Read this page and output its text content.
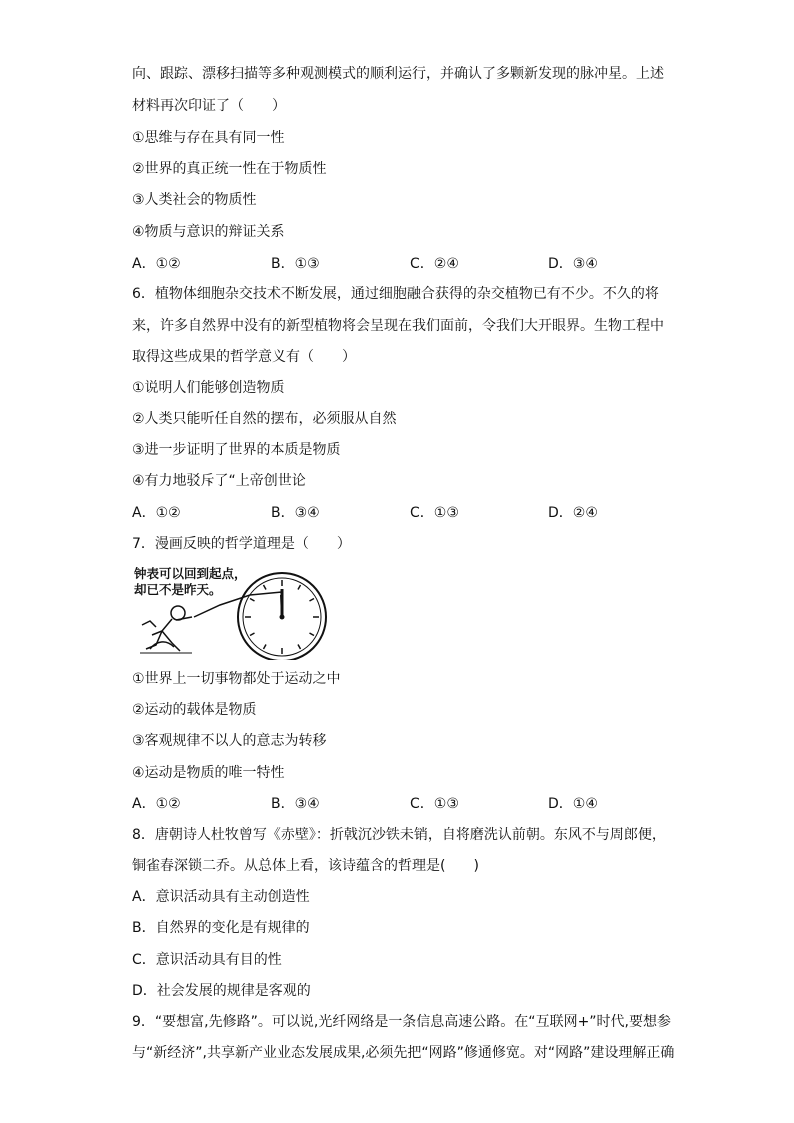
向、跟踪、漂移扫描等多种观测模式的顺利运行，并确认了多颗新发现的脉冲星。上述
材料再次印证了（　　）
①思维与存在具有同一性
②世界的真正统一性在于物质性
③人类社会的物质性
④物质与意识的辩证关系
A．①②	B．①③	C．②④	D．③④
6．植物体细胞杂交技术不断发展，通过细胞融合获得的杂交植物已有不少。不久的将
来，许多自然界中没有的新型植物将会呈现在我们面前，令我们大开眼界。生物工程中
取得这些成果的哲学意义有（　　）
①说明人们能够创造物质
②人类只能听任自然的摆布，必须服从自然
③进一步证明了世界的本质是物质
④有力地驳斥了“上帝创世论
A．①②	B．③④	C．①③	D．②④
7．漫画反映的哲学道理是（　　）
钟表可以回到起点，
却已不是昨天。
①世界上一切事物都处于运动之中
②运动的载体是物质
③客观规律不以人的意志为转移
④运动是物质的唯一特性
A．①②	B．③④	C．①③	D．①④
8．唐朝诗人杜牧曾写《赤壁》：折戟沉沙铁未销，自将磨洗认前朝。东风不与周郎便，
铜雀春深锁二乔。从总体上看，该诗蕴含的哲理是(　　)
A．意识活动具有主动创造性
B．自然界的变化是有规律的
C．意识活动具有目的性
D．社会发展的规律是客观的
9．“要想富,先修路”。可以说,光纤网络是一条信息高速公路。在“互联网+”时代,要想参
与“新经济”,共享新产业业态发展成果,必须先把“网路”修通修宽。对“网路”建设理解正确
